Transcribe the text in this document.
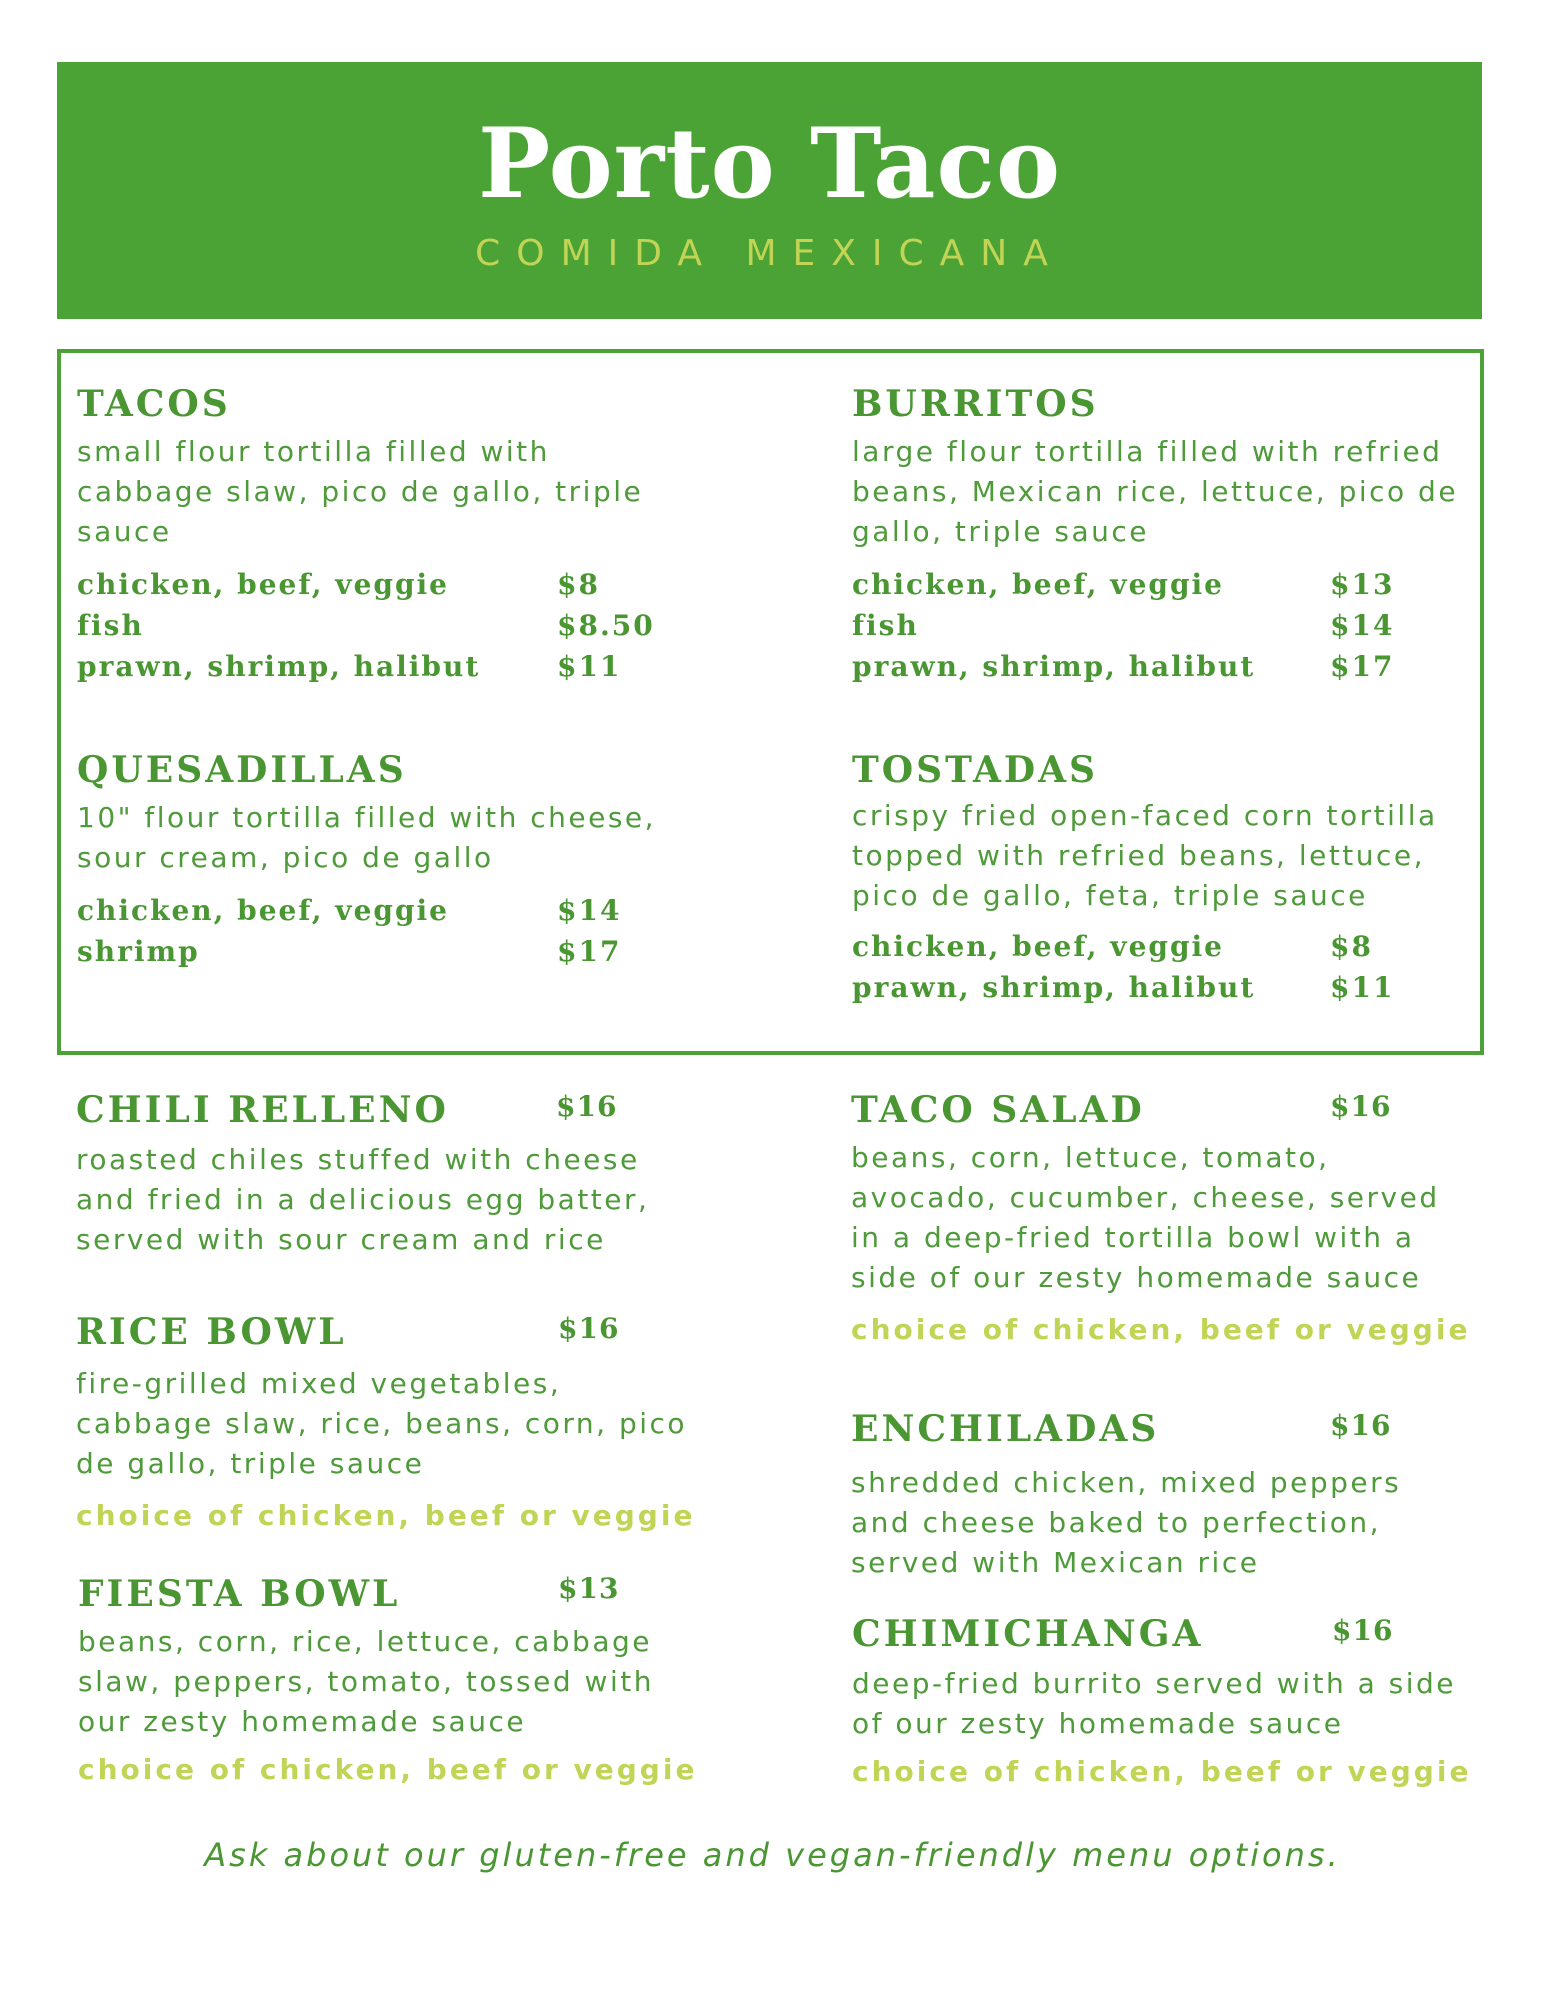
Porto Taco
COMIDA MEXICANA
TACOS
small flour tortilla filled with
cabbage slaw, pico de gallo, triple
sauce
chicken, beef, veggie	$8
fish	$8.50
prawn, shrimp, halibut	$11
BURRITOS
large flour tortilla filled with refried
beans, Mexican rice, lettuce, pico de
gallo, triple sauce
chicken, beef, veggie	$13
fish	$14
prawn, shrimp, halibut	$17
QUESADILLAS
10" flour tortilla filled with cheese,
sour cream, pico de gallo
chicken, beef, veggie	$14
shrimp	$17
TOSTADAS
crispy fried open-faced corn tortilla
topped with refried beans, lettuce,
pico de gallo, feta, triple sauce
chicken, beef, veggie	$8
prawn, shrimp, halibut	$11
CHILI RELLENO
roasted chiles stuffed with cheese
and fried in a delicious egg batter,
served with sour cream and rice
$16	TACO SALAD
beans, corn, lettuce, tomato,
avocado, cucumber, cheese, served
in a deep-fried tortilla bowl with a
side of our zesty homemade sauce
choice of chicken, beef or veggie
$16
RICE BOWL
fire-grilled mixed vegetables,
cabbage slaw, rice, beans, corn, pico
de gallo, triple sauce
choice of chicken, beef or veggie
$16
ENCHILADAS
shredded chicken, mixed peppers
and cheese baked to perfection,
served with Mexican rice
$16
FIESTA BOWL
beans, corn, rice, lettuce, cabbage
slaw, peppers, tomato, tossed with
our zesty homemade sauce
choice of chicken, beef or veggie
$13
CHIMICHANGA
deep-fried burrito served with a side
of our zesty homemade sauce
choice of chicken, beef or veggie
$16
Ask about our gluten-free and vegan-friendly menu options.
